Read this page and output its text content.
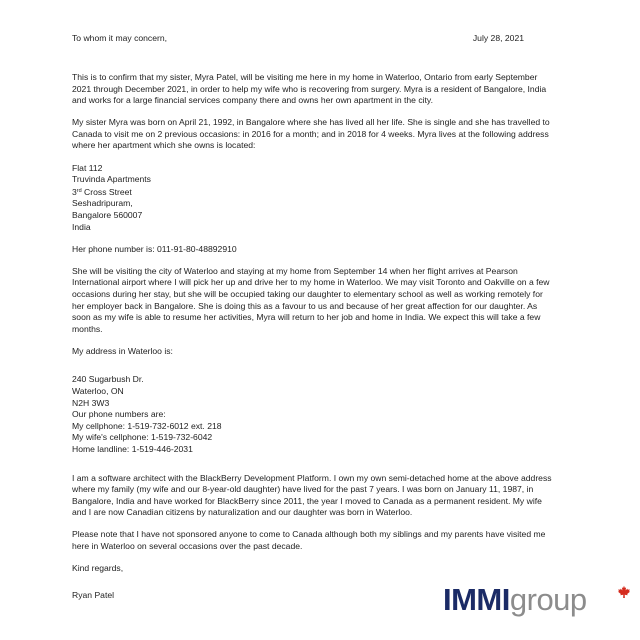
To whom it may concern,	July 28, 2021

This is to confirm that my sister, Myra Patel, will be visiting me here in my home in Waterloo, Ontario from early September 2021 through December 2021, in order to help my wife who is recovering from surgery. Myra is a resident of Bangalore, India and works for a large financial services company there and owns her own apartment in the city.

My sister Myra was born on April 21, 1992, in Bangalore where she has lived all her life. She is single and she has travelled to Canada to visit me on 2 previous occasions: in 2016 for a month; and in 2018 for 4 weeks. Myra lives at the following address where her apartment which she owns is located:

Flat 112
Truvinda Apartments
3rd Cross Street
Seshadripuram,
Bangalore 560007
India

Her phone number is: 011-91-80-48892910

She will be visiting the city of Waterloo and staying at my home from September 14 when her flight arrives at Pearson International airport where I will pick her up and drive her to my home in Waterloo. We may visit Toronto and Oakville on a few occasions during her stay, but she will be occupied taking our daughter to elementary school as well as working remotely for her employer back in Bangalore. She is doing this as a favour to us and because of her great affection for our daughter. As soon as my wife is able to resume her activities, Myra will return to her job and home in India. We expect this will take a few months.

My address in Waterloo is:

240 Sugarbush Dr.
Waterloo, ON
N2H 3W3
Our phone numbers are:
My cellphone: 1-519-732-6012 ext. 218
My wife's cellphone: 1-519-732-6042
Home landline: 1-519-446-2031

I am a software architect with the BlackBerry Development Platform. I own my own semi-detached home at the above address where my family (my wife and our 8-year-old daughter) have lived for the past 7 years. I was born on January 11, 1987, in Bangalore, India and have worked for BlackBerry since 2011, the year I moved to Canada as a permanent resident. My wife and I are now Canadian citizens by naturalization and our daughter was born in Waterloo.

Please note that I have not sponsored anyone to come to Canada although both my siblings and my parents have visited me here in Waterloo on several occasions over the past decade.

Kind regards,

Ryan Patel	IMMIgroup
